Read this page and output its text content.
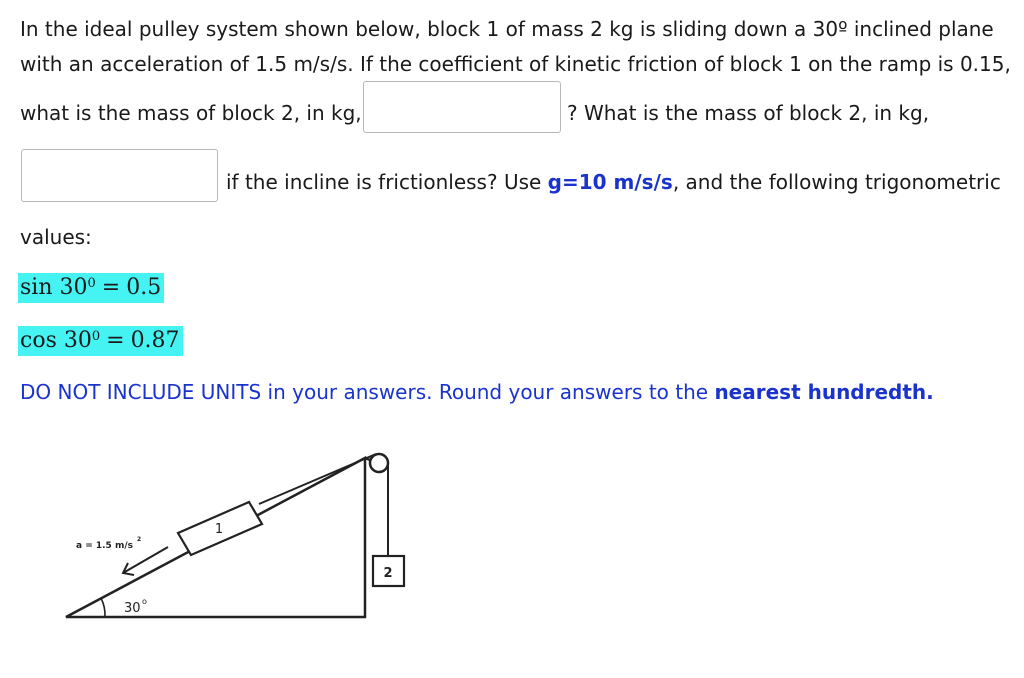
In the ideal pulley system shown below, block 1 of mass 2 kg is sliding down a 30º inclined plane
with an acceleration of 1.5 m/s/s. If the coefficient of kinetic friction of block 1 on the ramp is 0.15,
what is the mass of block 2, in kg,	? What is the mass of block 2, in kg,
if the incline is frictionless? Use g=10 m/s/s, and the following trigonometric
values:
$\sin 30^0 = 0.5$
$\cos 30^0 = 0.87$
DO NOT INCLUDE UNITS in your answers. Round your answers to the nearest hundredth.
1
2
a = 1.5 m/s
2
30 o
